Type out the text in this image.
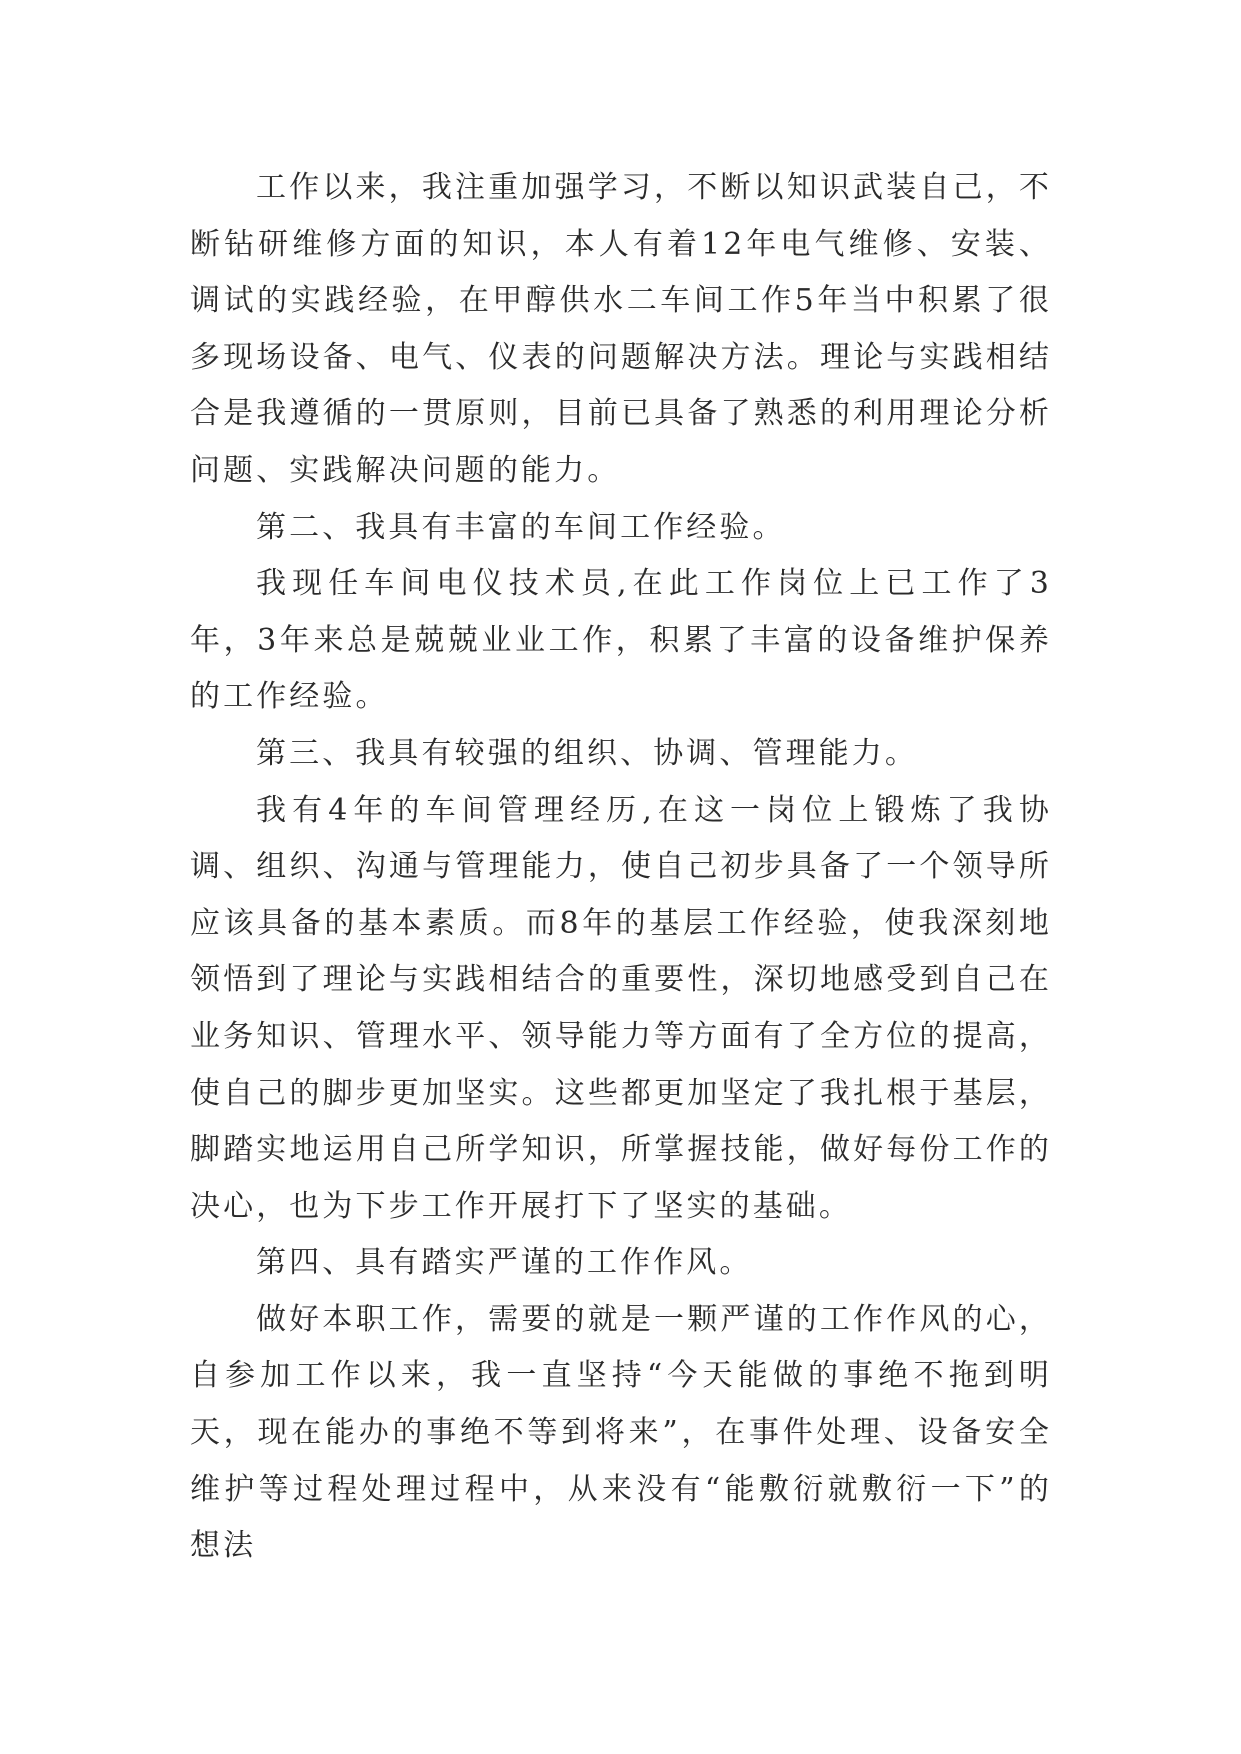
工作以来，我注重加强学习，不断以知识武装自己，不断钻研维修方面的知识，本人有着12年电气维修、安装、调试的实践经验，在甲醇供水二车间工作5年当中积累了很多现场设备、电气、仪表的问题解决方法。理论与实践相结合是我遵循的一贯原则，目前已具备了熟悉的利用理论分析问题、实践解决问题的能力。

第二、我具有丰富的车间工作经验。

我现任车间电仪技术员,在此工作岗位上已工作了3年，3年来总是兢兢业业工作，积累了丰富的设备维护保养的工作经验。

第三、我具有较强的组织、协调、管理能力。

我有4年的车间管理经历,在这一岗位上锻炼了我协调、组织、沟通与管理能力，使自己初步具备了一个领导所应该具备的基本素质。而8年的基层工作经验，使我深刻地领悟到了理论与实践相结合的重要性，深切地感受到自己在业务知识、管理水平、领导能力等方面有了全方位的提高，使自己的脚步更加坚实。这些都更加坚定了我扎根于基层，脚踏实地运用自己所学知识，所掌握技能，做好每份工作的决心，也为下步工作开展打下了坚实的基础。

第四、具有踏实严谨的工作作风。

做好本职工作，需要的就是一颗严谨的工作作风的心，自参加工作以来，我一直坚持“今天能做的事绝不拖到明天，现在能办的事绝不等到将来”，在事件处理、设备安全维护等过程处理过程中，从来没有“能敷衍就敷衍一下”的想法
